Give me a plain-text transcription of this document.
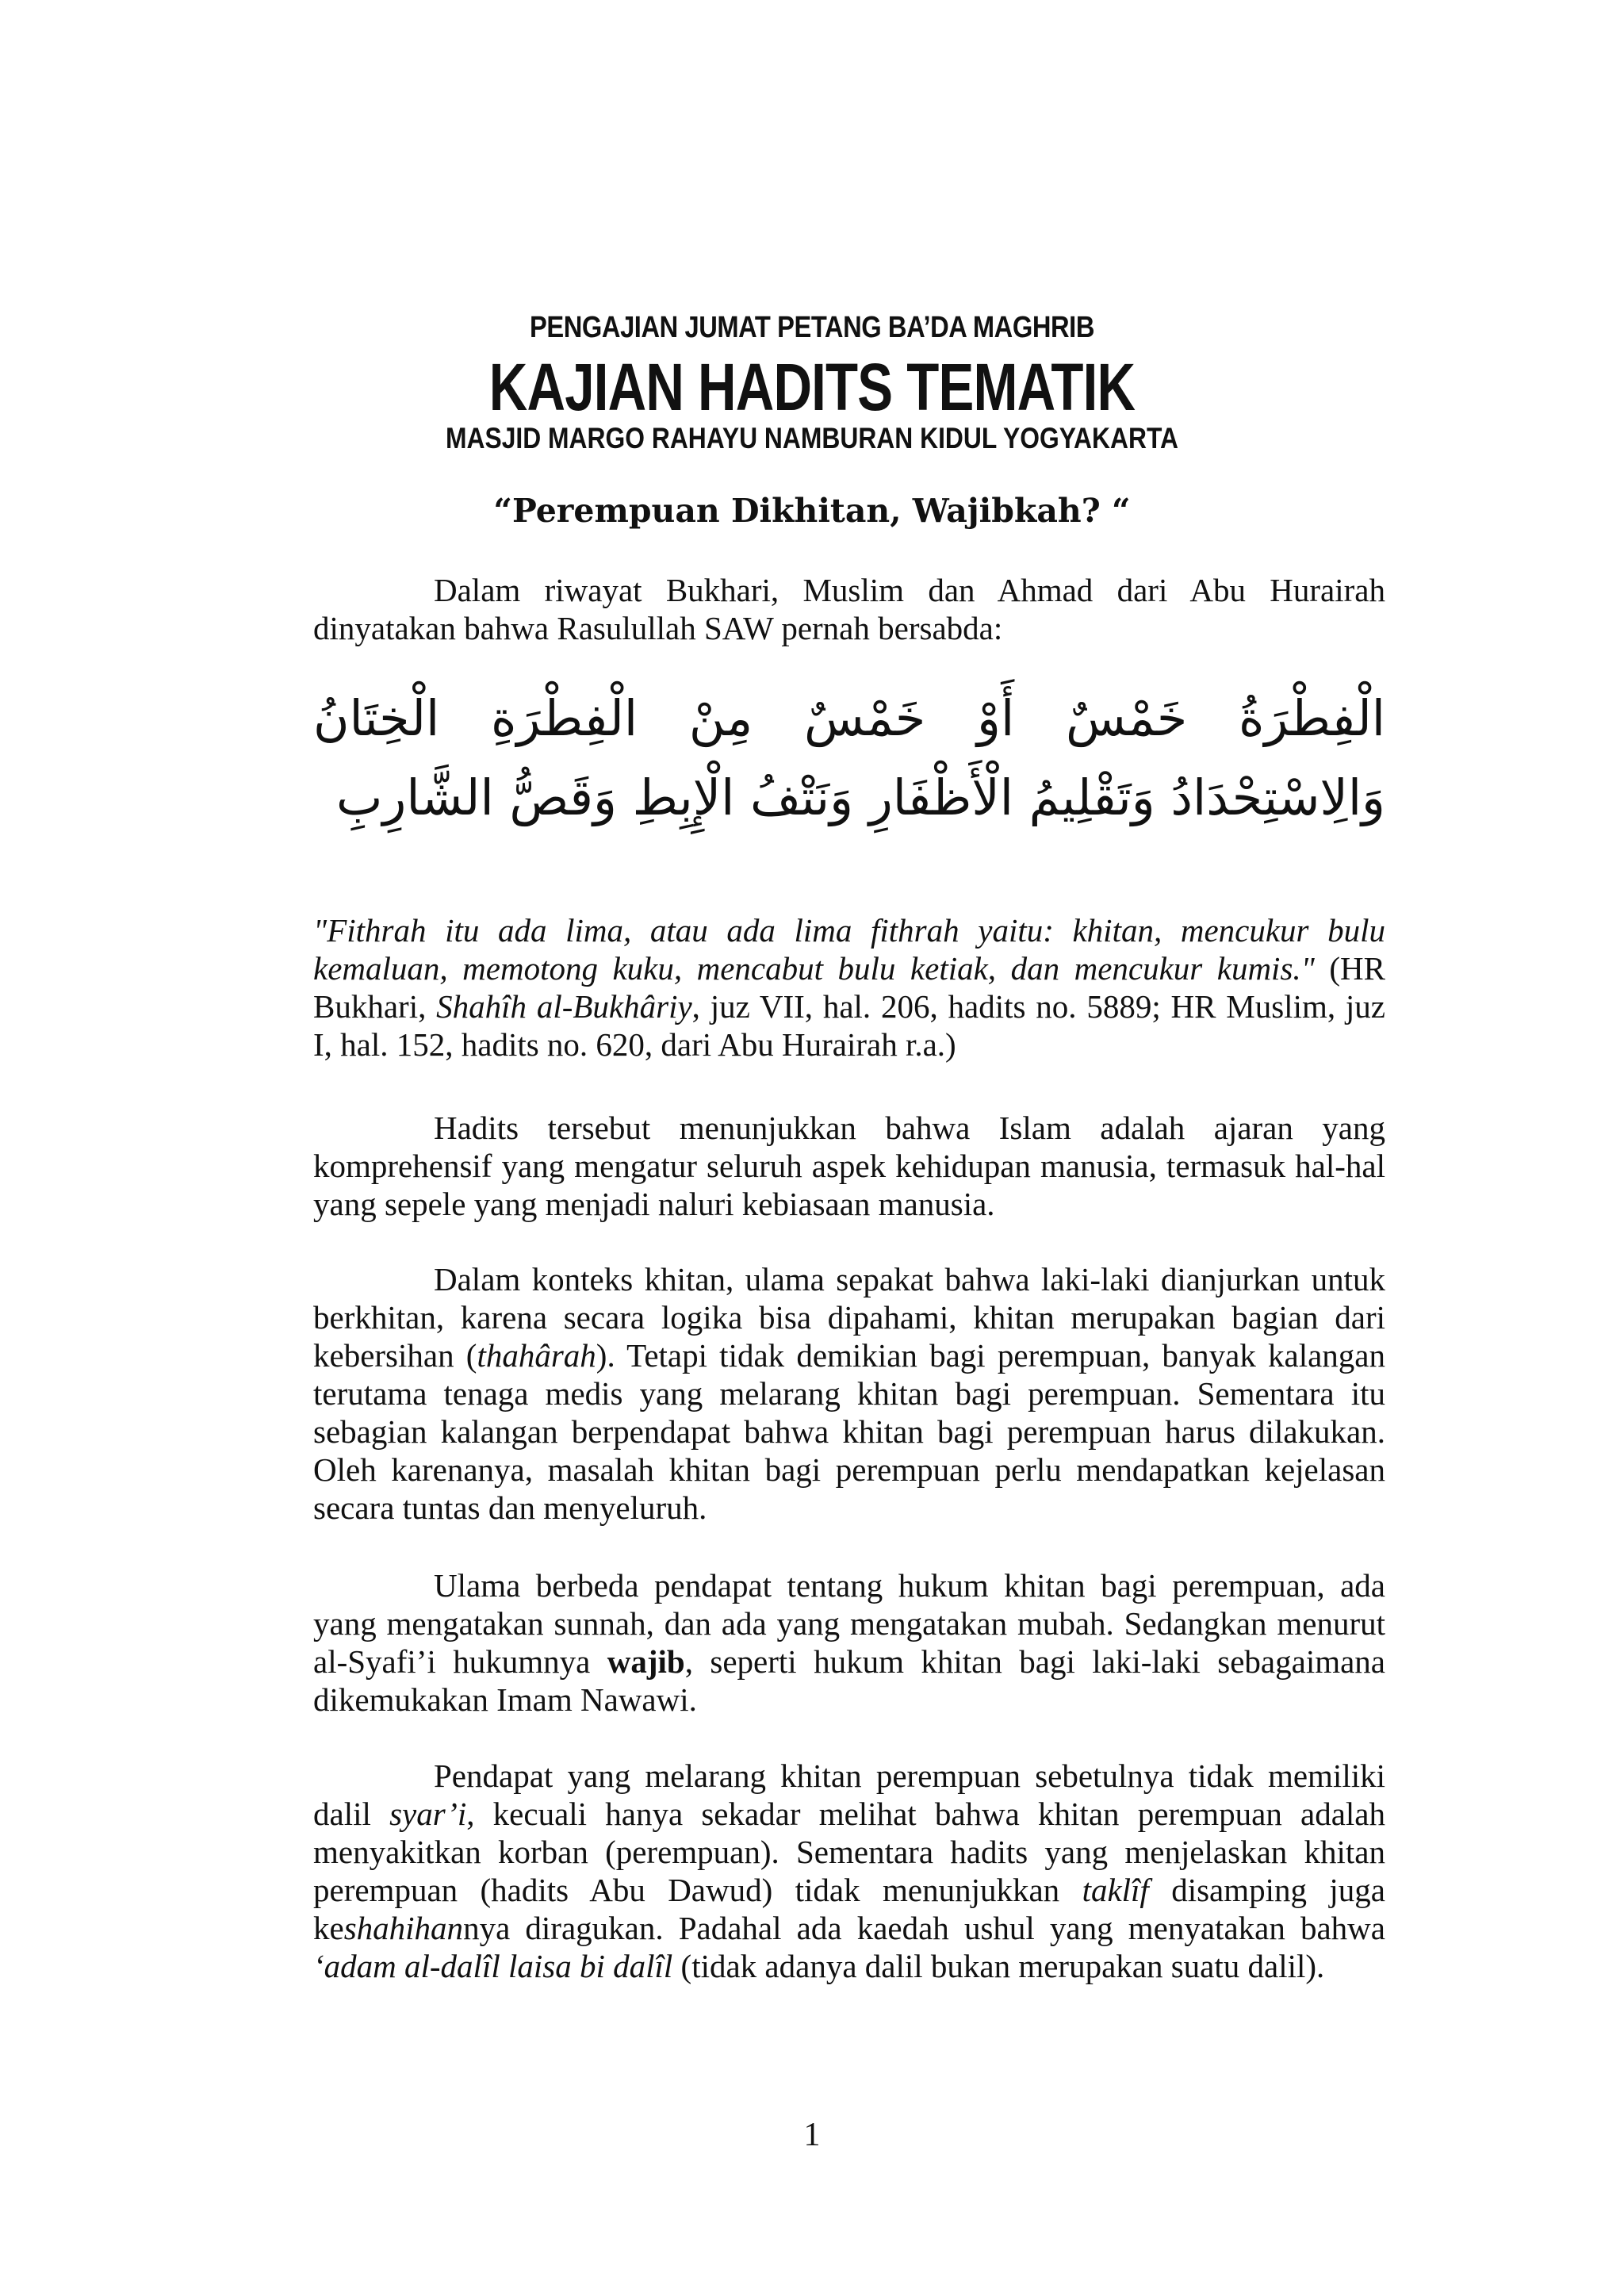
PENGAJIAN JUMAT PETANG BA’DA MAGHRIB
KAJIAN HADITS TEMATIK
MASJID MARGO RAHAYU NAMBURAN KIDUL YOGYAKARTA
“Perempuan Dikhitan, Wajibkah? “

Dalam riwayat Bukhari, Muslim dan Ahmad dari Abu Hurairah dinyatakan bahwa Rasulullah SAW pernah bersabda:

الْفِطْرَةُ خَمْسٌ أَوْ خَمْسٌ مِنْ الْفِطْرَةِ الْخِتَانُ وَالِاسْتِحْدَادُ وَتَقْلِيمُ الْأَظْفَارِ وَنَتْفُ الْإِبِطِ وَقَصُّ الشَّارِبِ

"Fithrah itu ada lima, atau ada lima fithrah yaitu: khitan, mencukur bulu kemaluan, memotong kuku, mencabut bulu ketiak, dan mencukur kumis." (HR Bukhari, Shahîh al-Bukhâriy, juz VII, hal. 206, hadits no. 5889; HR Muslim, juz I, hal. 152, hadits no. 620, dari Abu Hurairah r.a.)

Hadits tersebut menunjukkan bahwa Islam adalah ajaran yang komprehensif yang mengatur seluruh aspek kehidupan manusia, termasuk hal-hal yang sepele yang menjadi naluri kebiasaan manusia.

Dalam konteks khitan, ulama sepakat bahwa laki-laki dianjurkan untuk berkhitan, karena secara logika bisa dipahami, khitan merupakan bagian dari kebersihan (thahârah). Tetapi tidak demikian bagi perempuan, banyak kalangan terutama tenaga medis yang melarang khitan bagi perempuan. Sementara itu sebagian kalangan berpendapat bahwa khitan bagi perempuan harus dilakukan. Oleh karenanya, masalah khitan bagi perempuan perlu mendapatkan kejelasan secara tuntas dan menyeluruh.

Ulama berbeda pendapat tentang hukum khitan bagi perempuan, ada yang mengatakan sunnah, dan ada yang mengatakan mubah. Sedangkan menurut al-Syafi’i hukumnya wajib, seperti hukum khitan bagi laki-laki sebagaimana dikemukakan Imam Nawawi.

Pendapat yang melarang khitan perempuan sebetulnya tidak memiliki dalil syar’i, kecuali hanya sekadar melihat bahwa khitan perempuan adalah menyakitkan korban (perempuan). Sementara hadits yang menjelaskan khitan perempuan (hadits Abu Dawud) tidak menunjukkan taklîf disamping juga keshahihannya diragukan. Padahal ada kaedah ushul yang menyatakan bahwa ‘adam al-dalîl laisa bi dalîl (tidak adanya dalil bukan merupakan suatu dalil).

1
